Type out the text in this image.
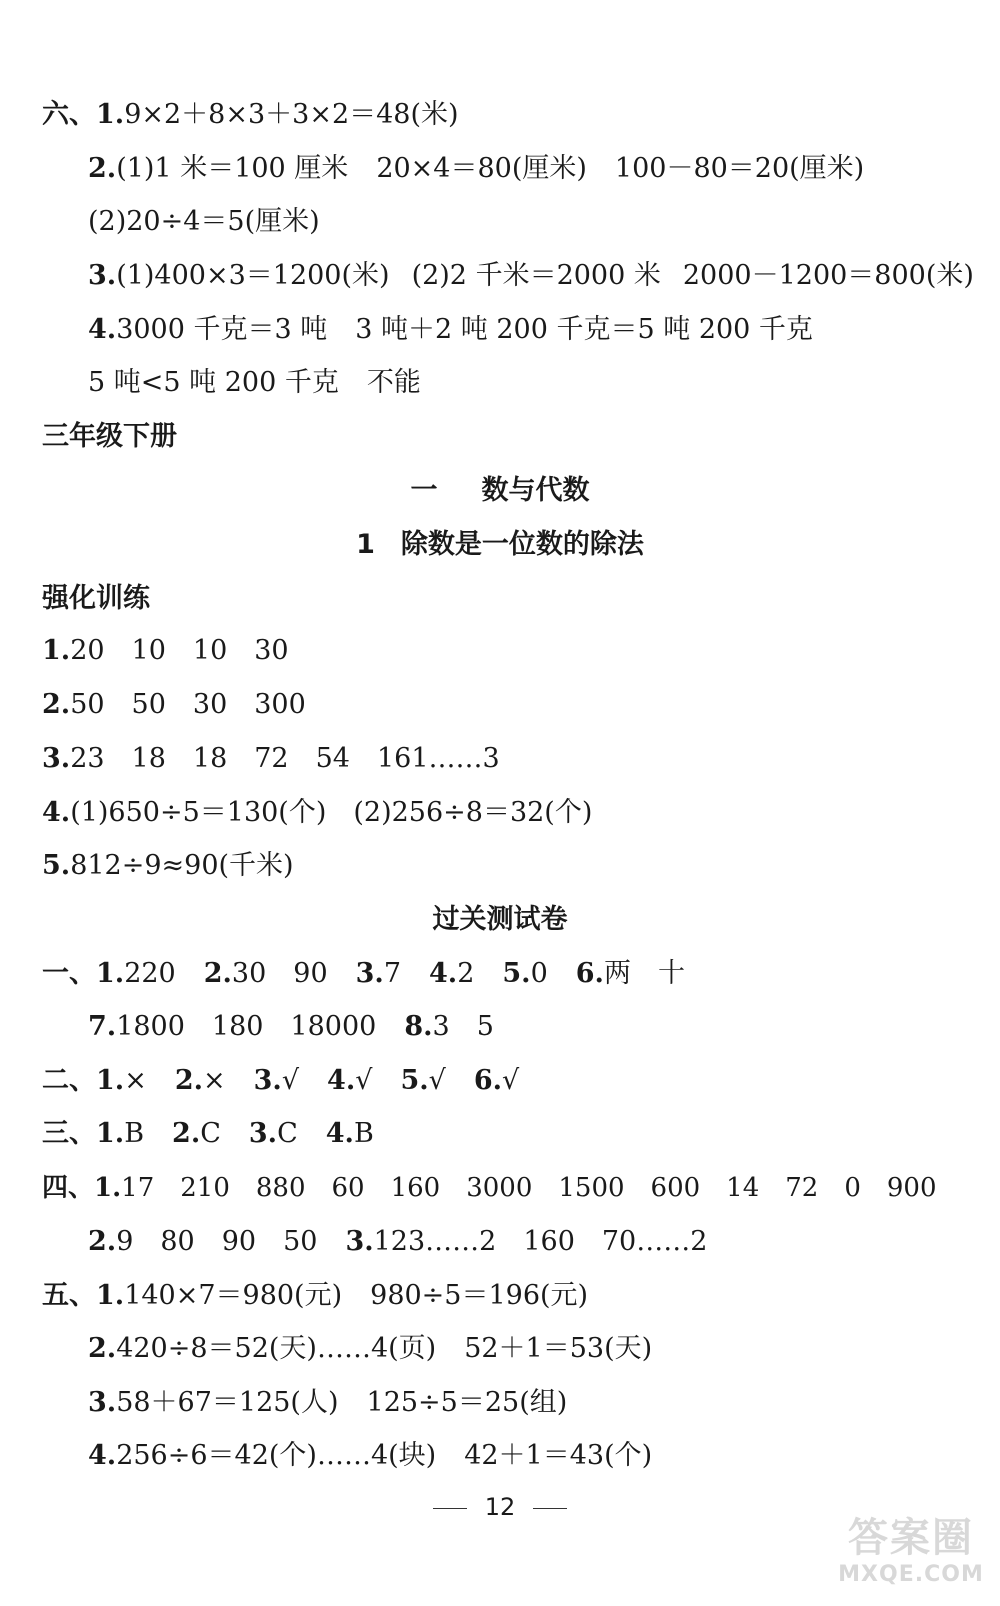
六、1.9×2＋8×3＋3×2＝48(米)
2.(1)1 米＝100 厘米 20×4＝80(厘米) 100－80＝20(厘米)
(2)20÷4＝5(厘米)
3.(1)400×3＝1200(米) (2)2 千米＝2000 米 2000－1200＝800(米)
4.3000 千克＝3 吨 3 吨＋2 吨 200 千克＝5 吨 200 千克
5 吨<5 吨 200 千克 不能
三年级下册
一 数与代数
1 除数是一位数的除法
强化训练
1.20　10　10　30
2.50　50　30　300
3.23　18　18　72　54　161……3
4.(1)650÷5＝130(个)　(2)256÷8＝32(个)
5.812÷9≈90(千米)
过关测试卷
一、1.220 2.30　90 3.7 4.2 5.0 6.两　十
7.1800　180　18000 8.3　5
二、1.× 2.× 3.√ 4.√ 5.√ 6.√
三、1.B 2.C 3.C 4.B
四、1.17　210　880　60　160　3000　1500　600　14　72　0　900
2.9　80　90　50 3.123……2　160　70……2
五、1.140×7＝980(元) 980÷5＝196(元)
2.420÷8＝52(天)……4(页) 52＋1＝53(天)
3.58＋67＝125(人) 125÷5＝25(组)
4.256÷6＝42(个)……4(块) 42＋1＝43(个)
12
答案圈
MXQE.COM
